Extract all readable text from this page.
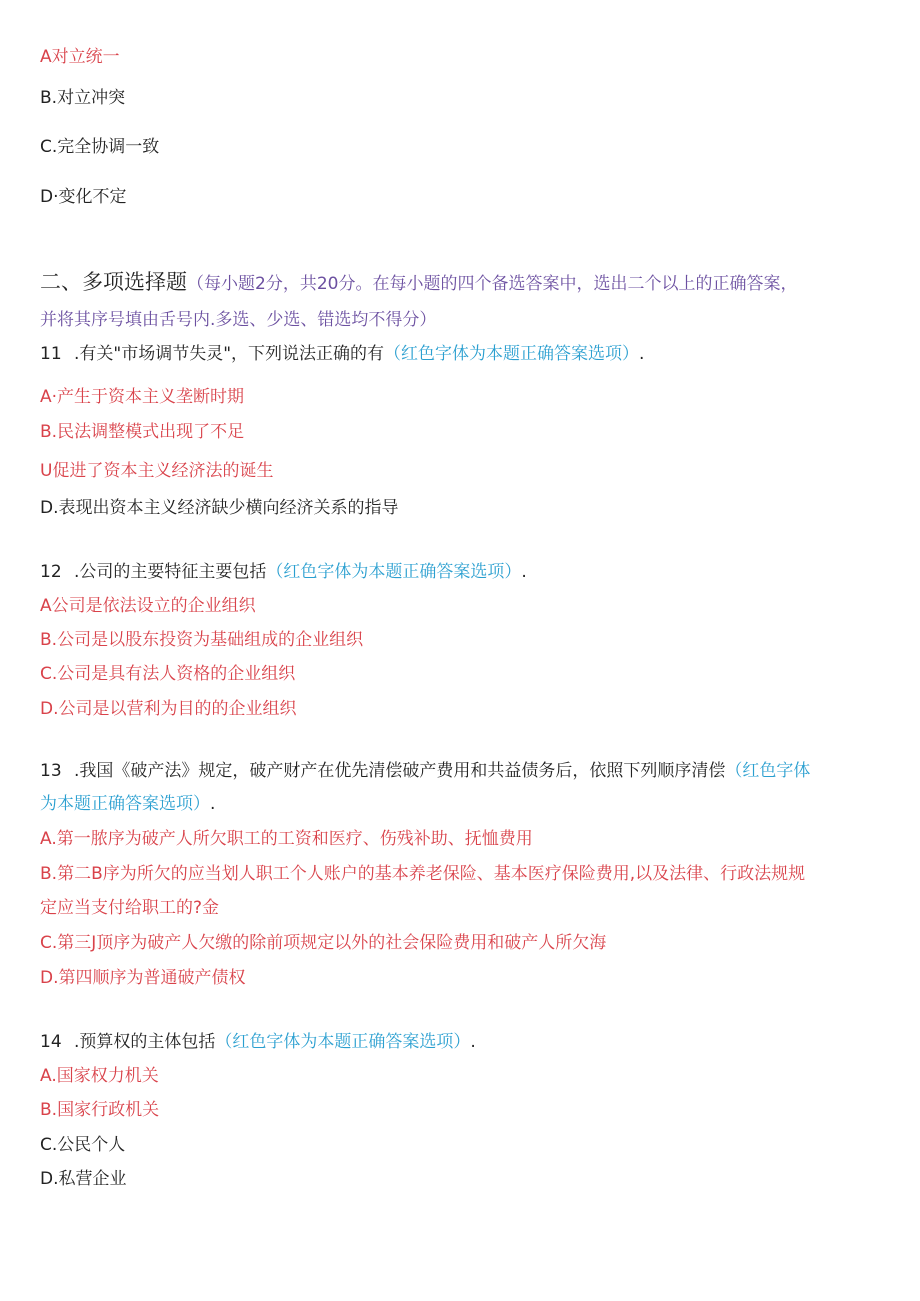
A对立统一
B.对立冲突
C.完全协调一致
D·变化不定
二、多项选择题（每小题2分，共20分。在每小题的四个备选答案中，选出二个以上的正确答案，
并将其序号填由舌号内.多选、少选、错选均不得分）
11 .有关"市场调节失灵"，下列说法正确的有（红色字体为本题正确答案选项）.
A·产生于资本主义垄断时期
B.民法调整模式出现了不足
U促进了资本主义经济法的诞生
D.表现出资本主义经济缺少横向经济关系的指导
12 .公司的主要特征主要包括（红色字体为本题正确答案选项）.
A公司是依法设立的企业组织
B.公司是以股东投资为基础组成的企业组织
C.公司是具有法人资格的企业组织
D.公司是以营利为目的的企业组织
13 .我国《破产法》规定，破产财产在优先清偿破产费用和共益债务后，依照下列顺序清偿（红色字体
为本题正确答案选项）.
A.第一脓序为破产人所欠职工的工资和医疗、伤残补助、抚恤费用
B.第二B序为所欠的应当划人职工个人账户的基本养老保险、基本医疗保险费用,以及法律、行政法规规
定应当支付给职工的?金
C.第三J顶序为破产人欠缴的除前项规定以外的社会保险费用和破产人所欠海
D.第四顺序为普通破产债权
14 .预算权的主体包括（红色字体为本题正确答案选项）.
A.国家权力机关
B.国家行政机关
C.公民个人
D.私营企业
